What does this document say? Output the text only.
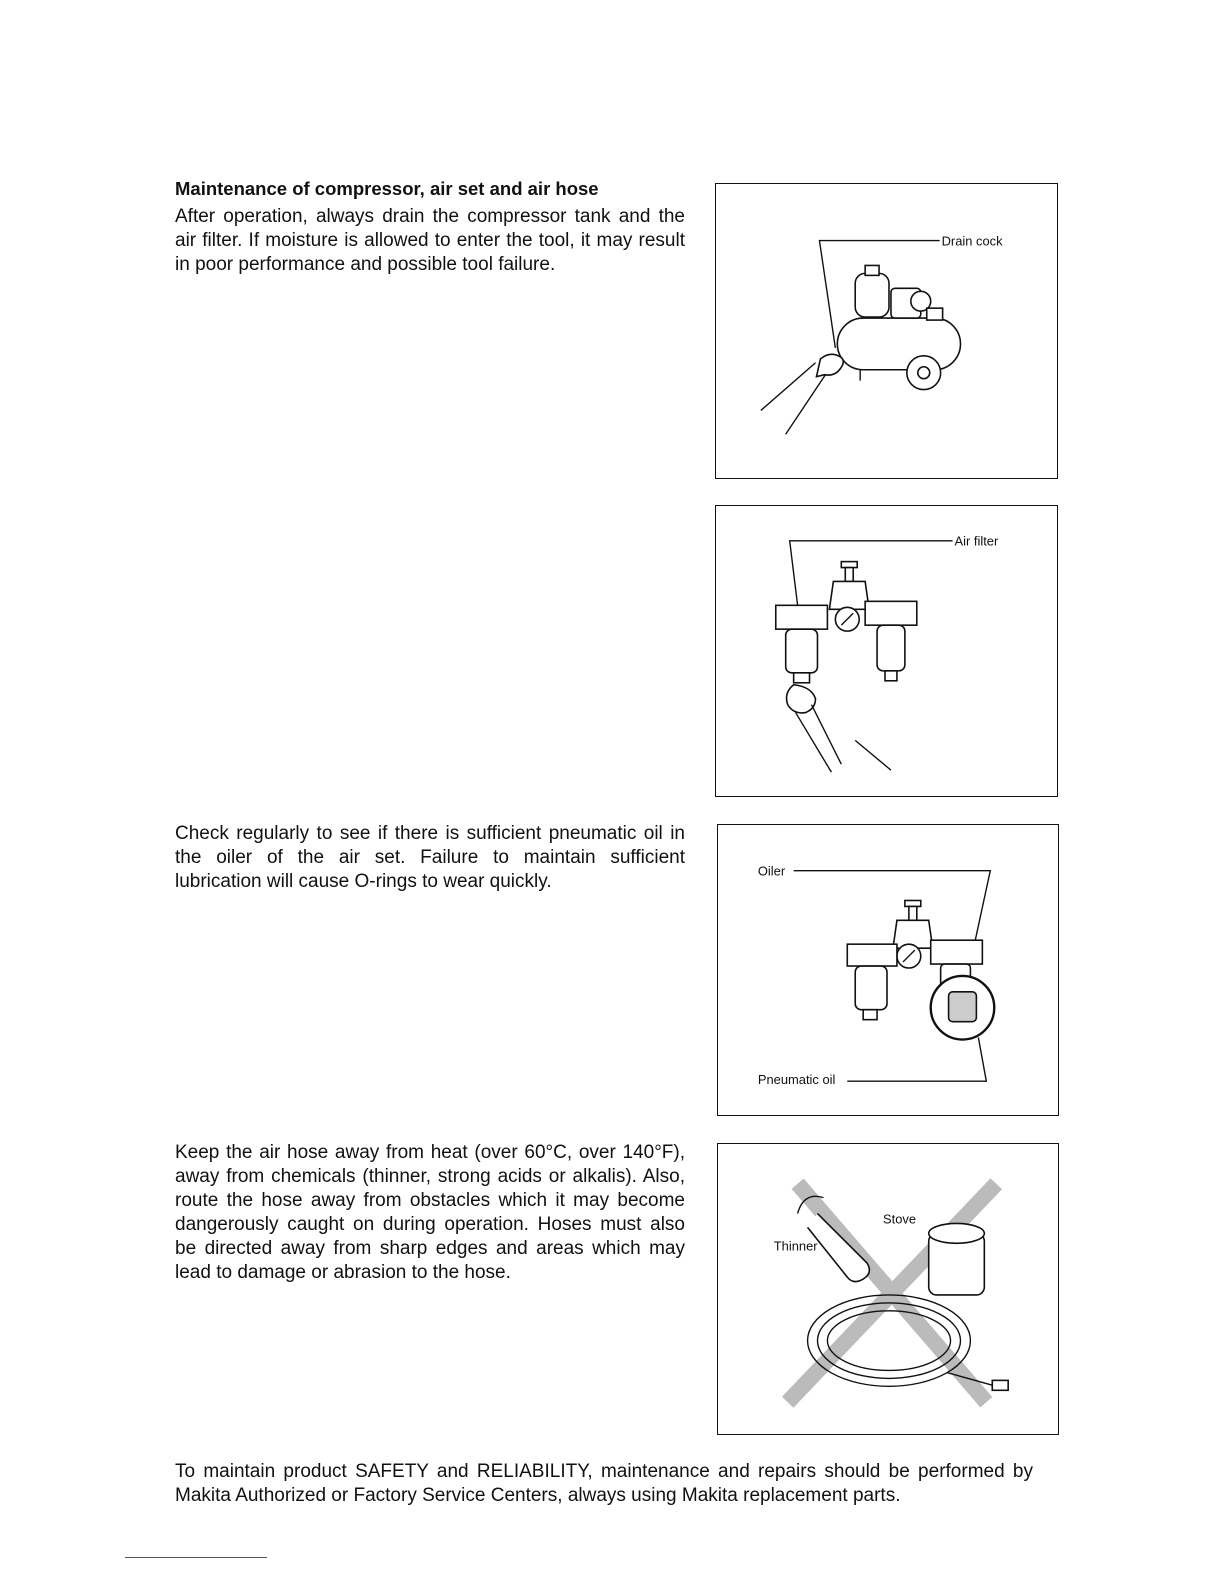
Maintenance of compressor, air set and air hose

After operation, always drain the compressor tank and the air filter. If moisture is allowed to enter the tool, it may result in poor performance and possible tool failure.

Check regularly to see if there is sufficient pneumatic oil in the oiler of the air set. Failure to maintain sufficient lubrication will cause O-rings to wear quickly.

Keep the air hose away from heat (over 60°C, over 140°F), away from chemicals (thinner, strong acids or alkalis). Also, route the hose away from obstacles which it may become dangerously caught on during operation. Hoses must also be directed away from sharp edges and areas which may lead to damage or abrasion to the hose.

Drain cock
Air filter
Oiler
Pneumatic oil
Thinner
Stove

To maintain product SAFETY and RELIABILITY, maintenance and repairs should be performed by Makita Authorized or Factory Service Centers, always using Makita replacement parts.
